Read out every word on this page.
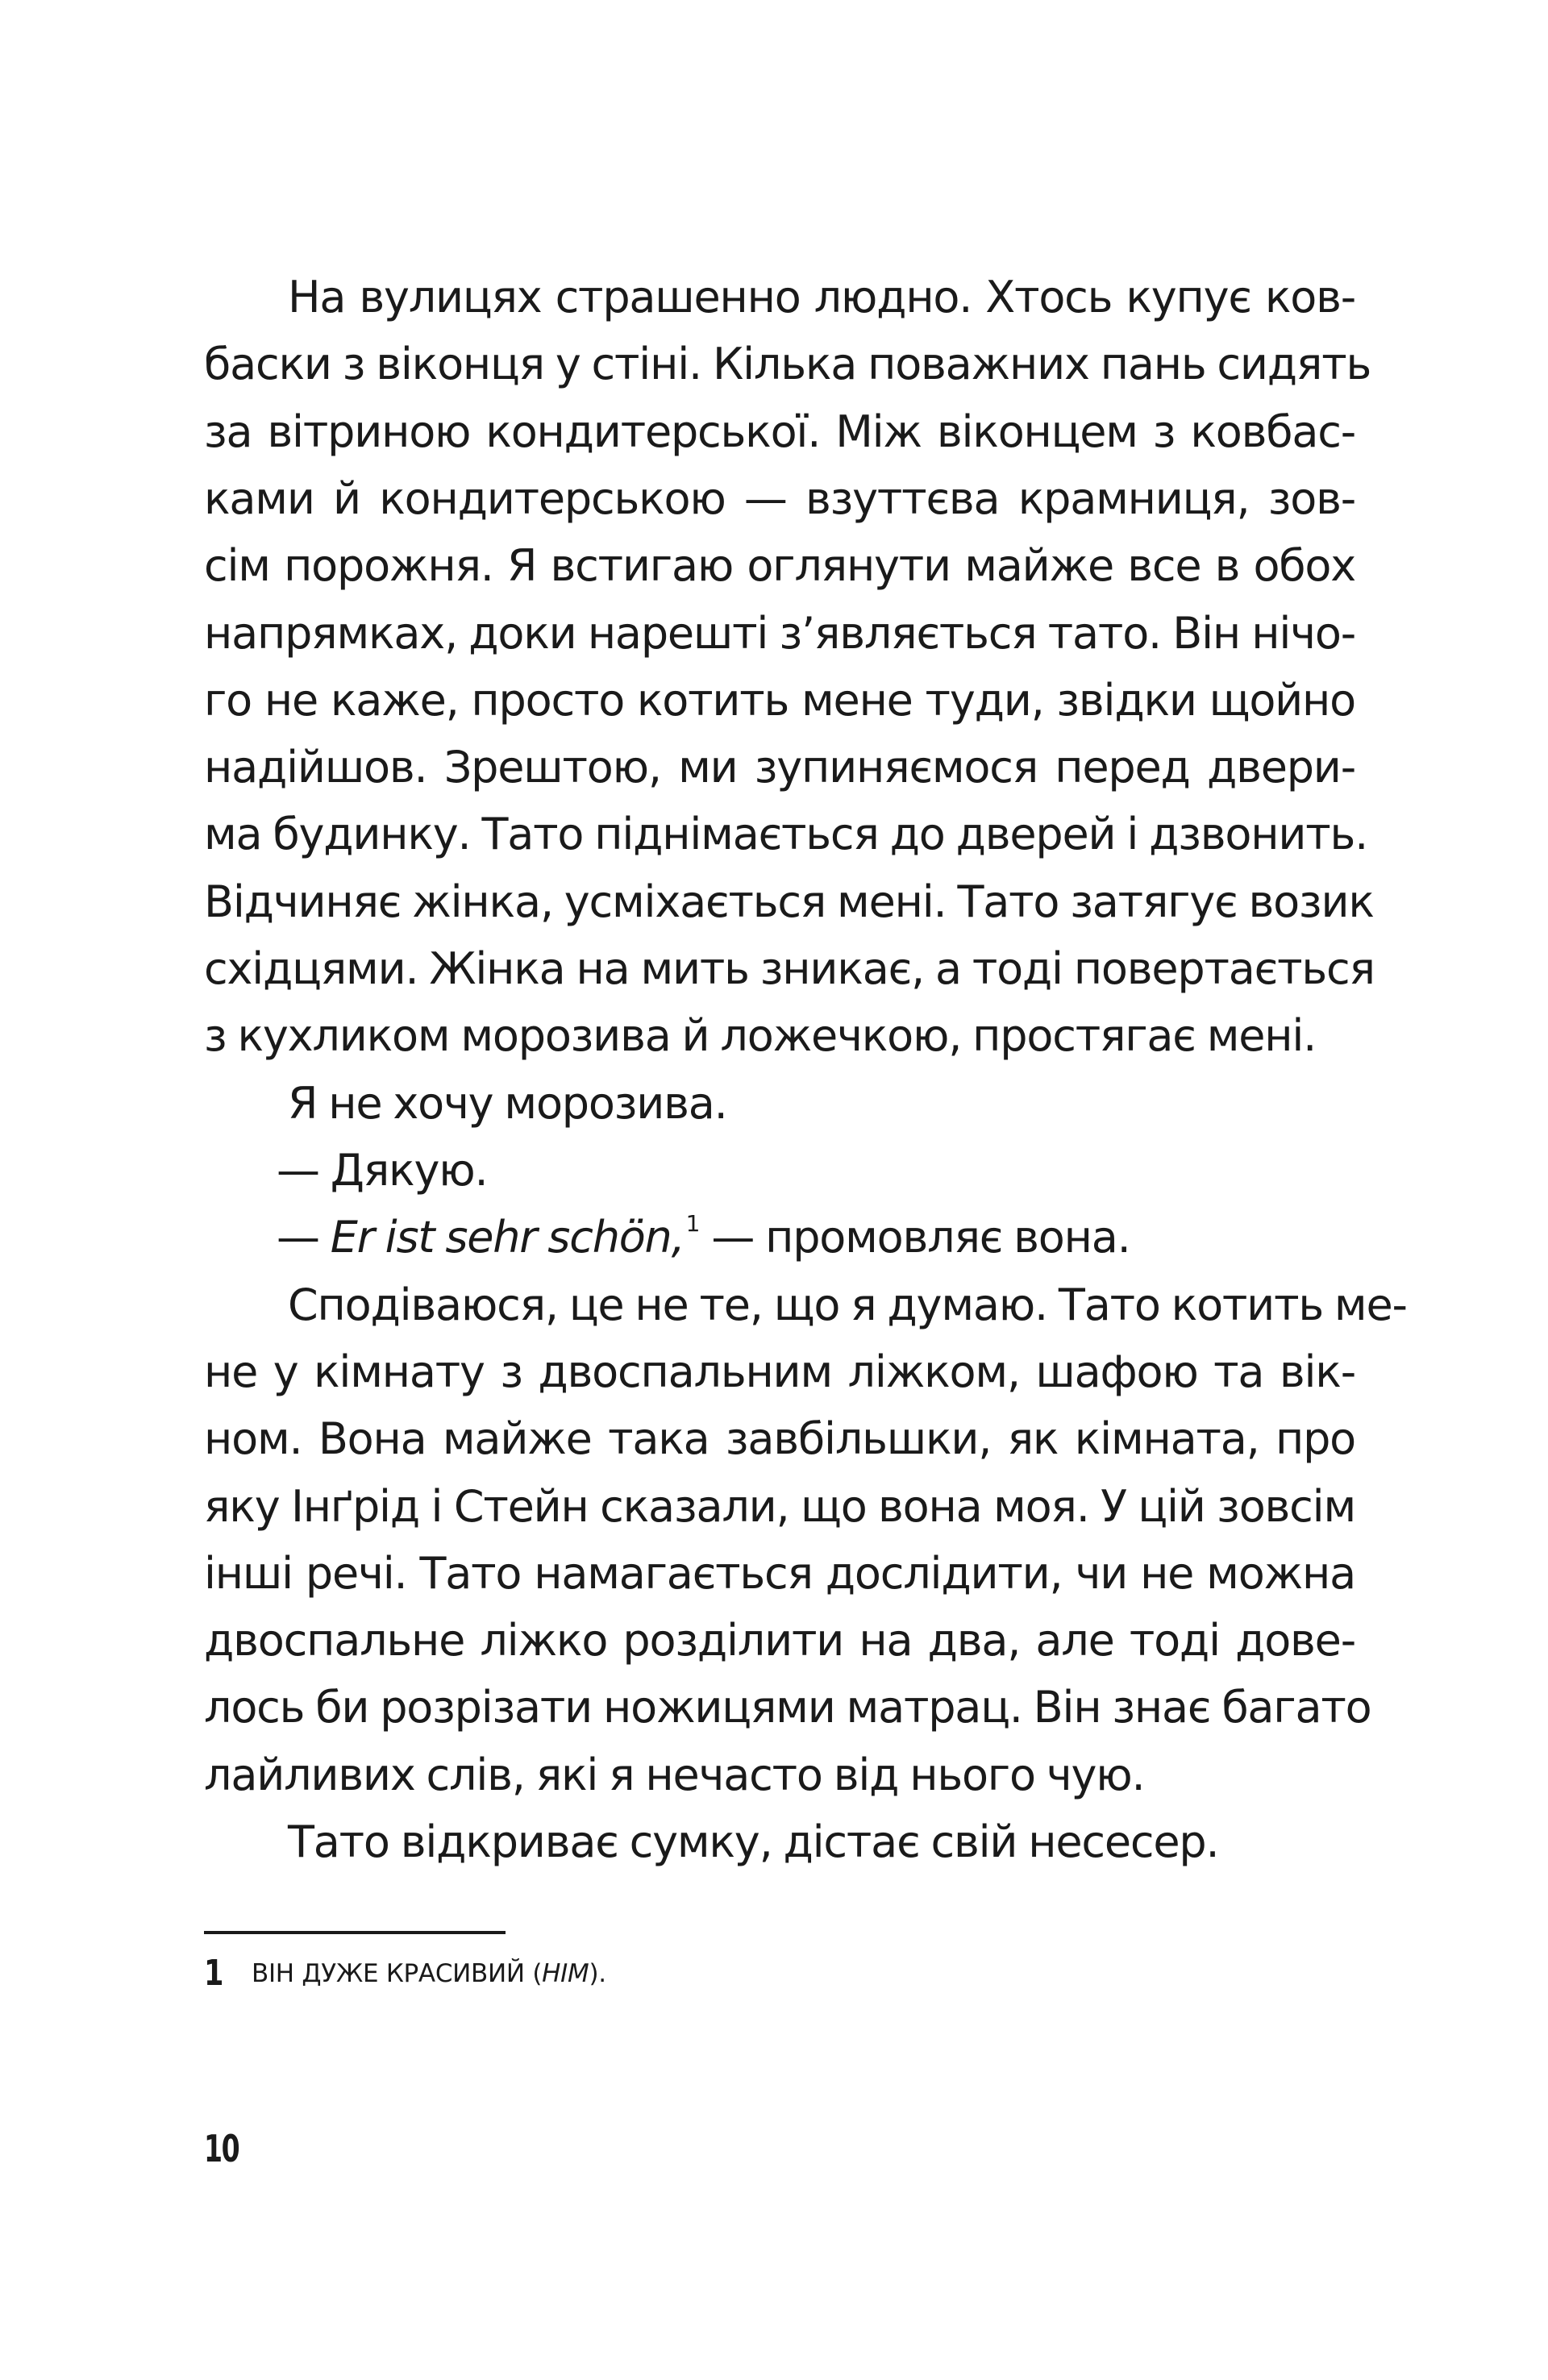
На вулицях страшенно людно. Хтось купує ков-
баски з віконця у стіні. Кілька поважних пань сидять
за вітриною кондитерської. Між віконцем з ковбас-
ками й кондитерською — взуттєва крамниця, зов-
сім порожня. Я встигаю оглянути майже все в обох
напрямках, доки нарешті з’являється тато. Він нічо-
го не каже, просто котить мене туди, звідки щойно
надійшов. Зрештою, ми зупиняємося перед двери-
ма будинку. Тато піднімається до дверей і дзвонить.
Відчиняє жінка, усміхається мені. Тато затягує возик
східцями. Жінка на мить зникає, а тоді повертається
з кухликом морозива й ложечкою, простягає мені.
Я не хочу морозива.
— Дякую.
— Er ist sehr schön,$^1$ — промовляє вона.
Сподіваюся, це не те, що я думаю. Тато котить ме-
не у кімнату з двоспальним ліжком, шафою та вік-
ном. Вона майже така завбільшки, як кімната, про
яку Інґрід і Стейн сказали, що вона моя. У цій зовсім
інші речі. Тато намагається дослідити, чи не можна
двоспальне ліжко розділити на два, але тоді дове-
лось би розрізати ножицями матрац. Він знає багато
лайливих слів, які я нечасто від нього чую.
Тато відкриває сумку, дістає свій несесер.
1 ВІН ДУЖЕ КРАСИВИЙ (НІМ).
10
